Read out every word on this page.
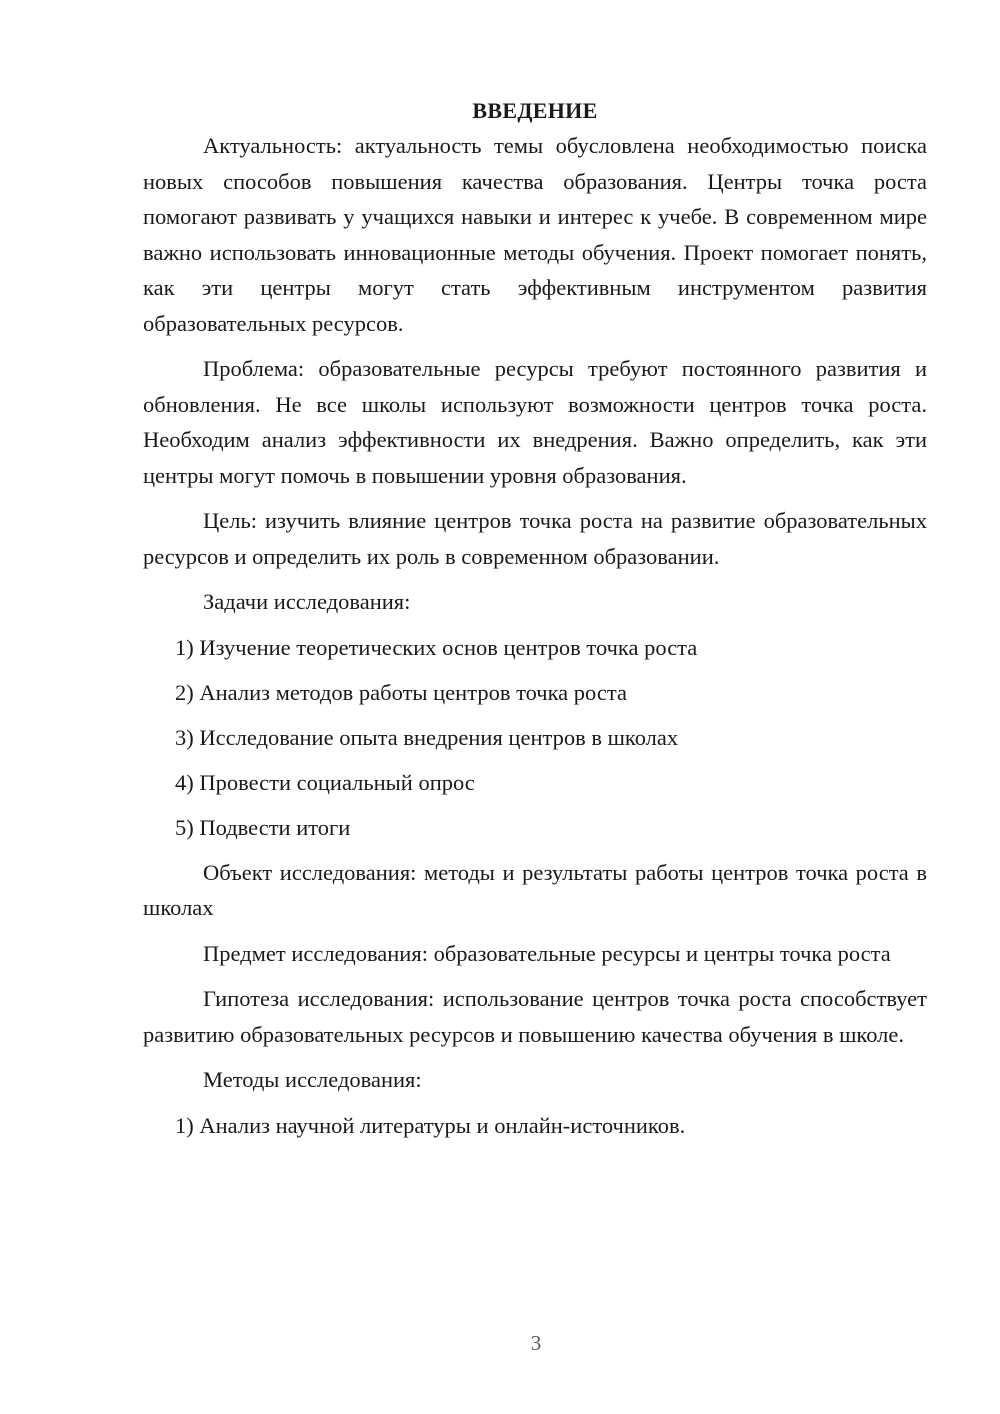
ВВЕДЕНИЕ

Актуальность: актуальность темы обусловлена необходимостью поиска новых способов повышения качества образования. Центры точка роста помогают развивать у учащихся навыки и интерес к учебе. В современном мире важно использовать инновационные методы обучения. Проект помогает понять, как эти центры могут стать эффективным инструментом развития образовательных ресурсов.

Проблема: образовательные ресурсы требуют постоянного развития и обновления. Не все школы используют возможности центров точка роста. Необходим анализ эффективности их внедрения. Важно определить, как эти центры могут помочь в повышении уровня образования.

Цель: изучить влияние центров точка роста на развитие образовательных ресурсов и определить их роль в современном образовании.

Задачи исследования:

1) Изучение теоретических основ центров точка роста
2) Анализ методов работы центров точка роста
3) Исследование опыта внедрения центров в школах
4) Провести социальный опрос
5) Подвести итоги

Объект исследования: методы и результаты работы центров точка роста в школах

Предмет исследования: образовательные ресурсы и центры точка роста

Гипотеза исследования: использование центров точка роста способствует развитию образовательных ресурсов и повышению качества обучения в школе.

Методы исследования:

1) Анализ научной литературы и онлайн-источников.
3
